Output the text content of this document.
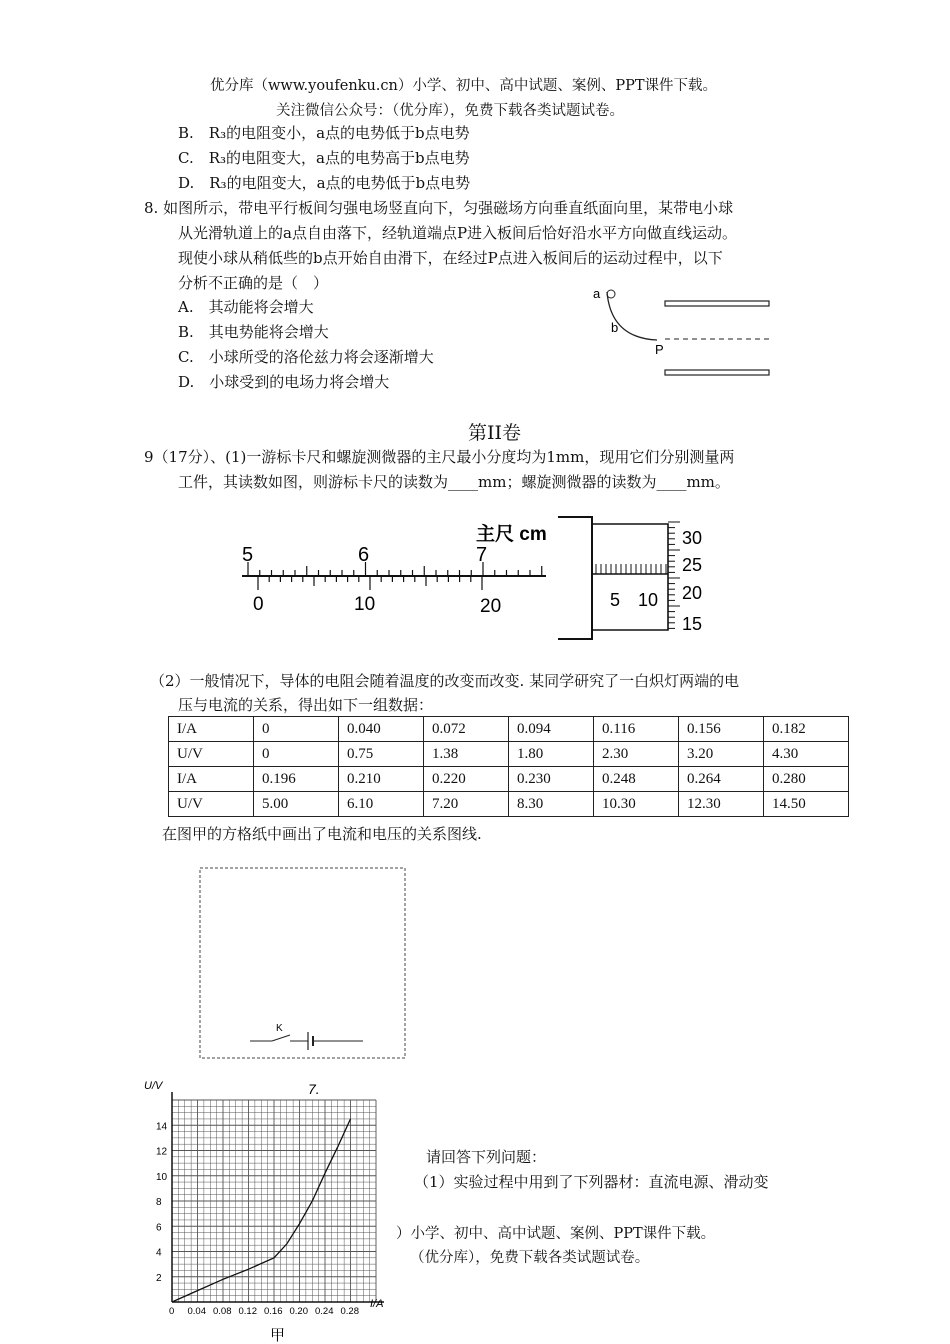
优分库（www.youfenku.cn）小学、初中、高中试题、案例、PPT课件下载。
关注微信公众号：（优分库），免费下载各类试题试卷。
B.　R₃的电阻变小，a点的电势低于b点电势
C.　R₃的电阻变大，a点的电势高于b点电势
D.　R₃的电阻变大，a点的电势低于b点电势
8. 如图所示，带电平行板间匀强电场竖直向下，匀强磁场方向垂直纸面向里，某带电小球
从光滑轨道上的a点自由落下，经轨道端点P进入板间后恰好沿水平方向做直线运动。
现使小球从稍低些的b点开始自由滑下，在经过P点进入板间后的运动过程中，以下
分析不正确的是（　）
A.　其动能将会增大
B.　其电势能将会增大
C.　小球所受的洛伦兹力将会逐渐增大
D.　小球受到的电场力将会增大
a
b
P
第II卷
9（17分）、(1)一游标卡尺和螺旋测微器的主尺最小分度均为1mm，现用它们分别测量两
工件，其读数如图，则游标卡尺的读数为____mm；螺旋测微器的读数为____mm。
主尺 cm
5	6	7
0	10	20	5 10
30
25
20
15
（2）一般情况下，导体的电阻会随着温度的改变而改变. 某同学研究了一白炽灯两端的电
压与电流的关系，得出如下一组数据：
I/A	0	0.040	0.072	0.094	0.116	0.156	0.182
U/V	0	0.75	1.38	1.80	2.30	3.20	4.30
I/A	0.196	0.210	0.220	0.230	0.248	0.264	0.280
U/V	5.00	6.10	7.20	8.30	10.30	12.30	14.50
在图甲的方格纸中画出了电流和电压的关系图线.
K
0 0.04 0.08 0.12 0.16 0.20 0.24 0.28
2
4
6
8
10
12
14
U/V
I/A
7.
甲
请回答下列问题：
（1）实验过程中用到了下列器材：直流电源、滑动变
）小学、初中、高中试题、案例、PPT课件下载。
（优分库），免费下载各类试题试卷。
